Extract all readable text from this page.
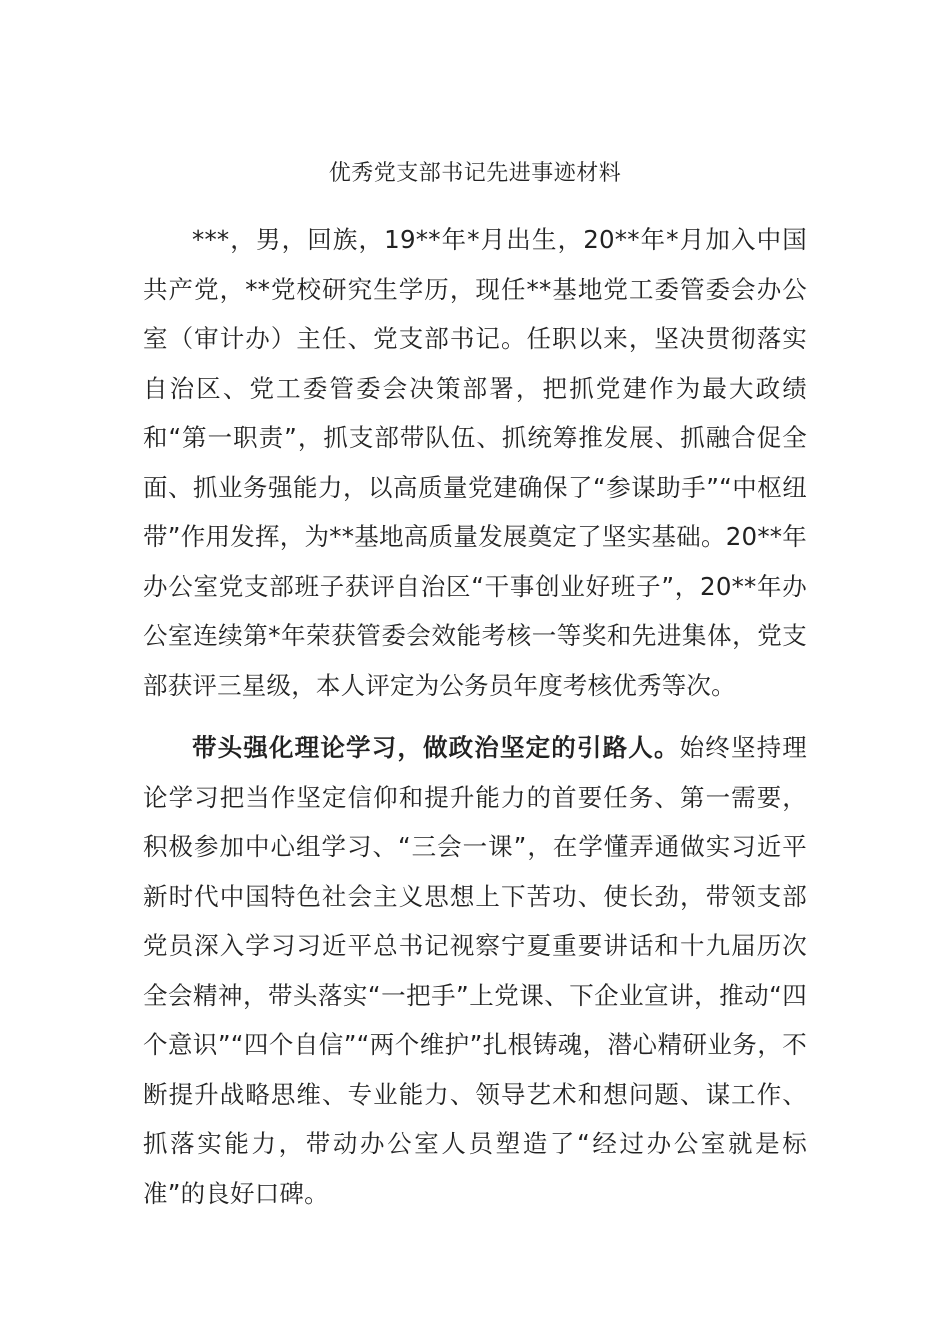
优秀党支部书记先进事迹材料

***，男，回族，19**年*月出生，20**年*月加入中国共产党，**党校研究生学历，现任**基地党工委管委会办公室（审计办）主任、党支部书记。任职以来，坚决贯彻落实自治区、党工委管委会决策部署，把抓党建作为最大政绩和“第一职责”，抓支部带队伍、抓统筹推发展、抓融合促全面、抓业务强能力，以高质量党建确保了“参谋助手”“中枢纽带”作用发挥，为**基地高质量发展奠定了坚实基础。20**年办公室党支部班子获评自治区“干事创业好班子”，20**年办公室连续第*年荣获管委会效能考核一等奖和先进集体，党支部获评三星级，本人评定为公务员年度考核优秀等次。

带头强化理论学习，做政治坚定的引路人。始终坚持理论学习把当作坚定信仰和提升能力的首要任务、第一需要，积极参加中心组学习、“三会一课”，在学懂弄通做实习近平新时代中国特色社会主义思想上下苦功、使长劲，带领支部党员深入学习习近平总书记视察宁夏重要讲话和十九届历次全会精神，带头落实“一把手”上党课、下企业宣讲，推动“四个意识”“四个自信”“两个维护”扎根铸魂，潜心精研业务，不断提升战略思维、专业能力、领导艺术和想问题、谋工作、抓落实能力，带动办公室人员塑造了“经过办公室就是标准”的良好口碑。
